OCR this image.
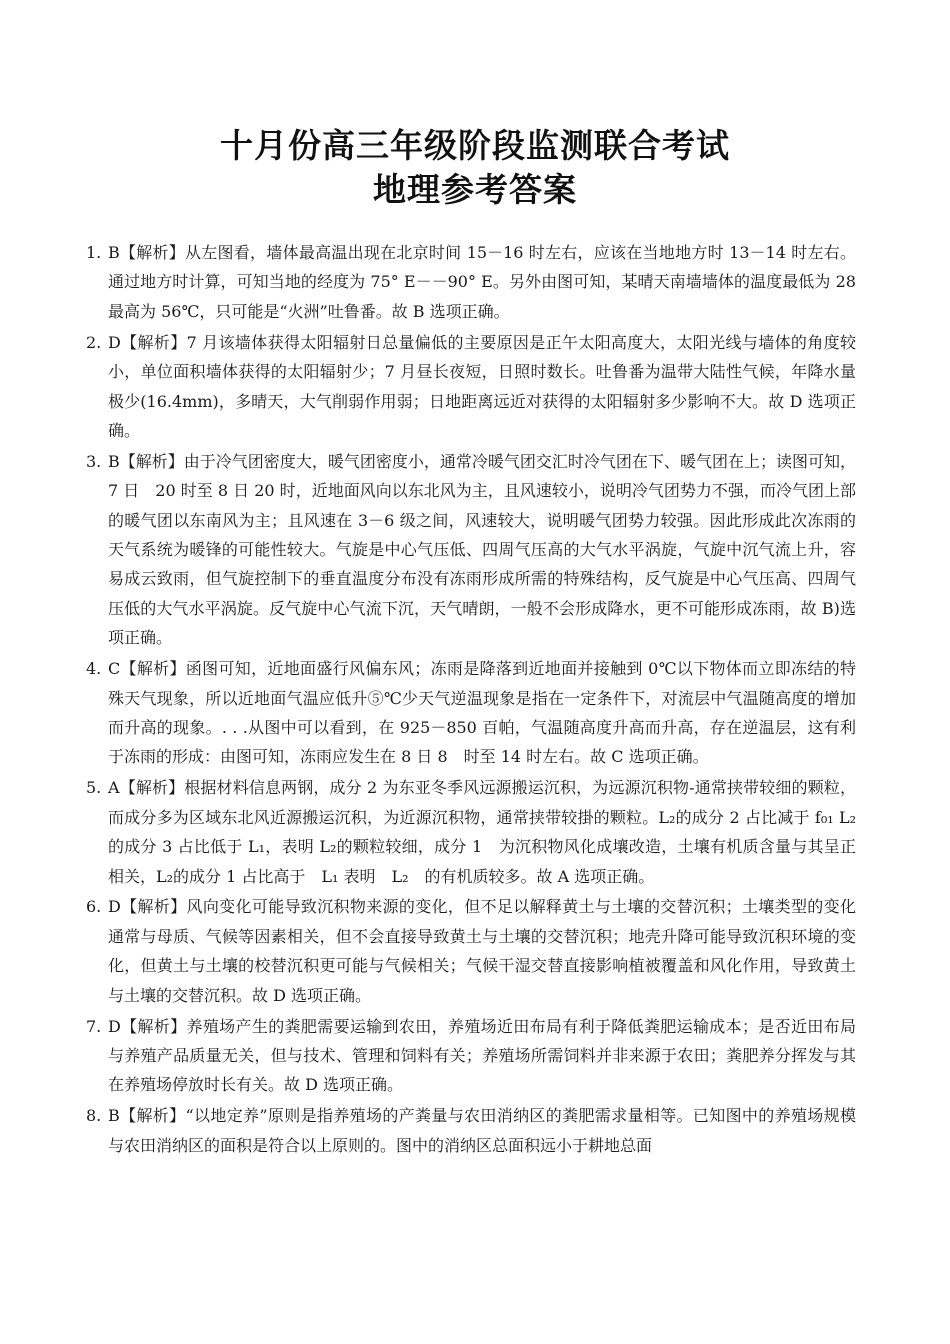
十月份高三年级阶段监测联合考试
地理参考答案
1. B【解析】从左图看，墙体最高温出现在北京时间 15－16 时左右，应该在当地地方时 13－14 时左右。通过地方时计算，可知当地的经度为 75° E－－90° E。另外由图可知，某晴天南墙墙体的温度最低为 28　最高为 56℃，只可能是“火洲”吐鲁番。故 B 选项正确。
2. D【解析】7 月该墙体获得太阳辐射日总量偏低的主要原因是正午太阳高度大，太阳光线与墙体的角度较小，单位面积墙体获得的太阳辐射少；7 月昼长夜短，日照时数长。吐鲁番为温带大陆性气候，年降水量极少(16.4mm)，多晴天，大气削弱作用弱；日地距离远近对获得的太阳辐射多少影响不大。故 D 选项正确。
3. B【解析】由于冷气团密度大，暖气团密度小，通常冷暖气团交汇时冷气团在下、暖气团在上；读图可知，7 日　20 时至 8 日 20 时，近地面风向以东北风为主，且风速较小，说明冷气团势力不强，而冷气团上部的暖气团以东南风为主；且风速在 3－6 级之间，风速较大，说明暖气团势力较强。因此形成此次冻雨的天气系统为暖锋的可能性较大。气旋是中心气压低、四周气压高的大气水平涡旋，气旋中沉气流上升，容易成云致雨，但气旋控制下的垂直温度分布没有冻雨形成所需的特殊结构，反气旋是中心气压高、四周气压低的大气水平涡旋。反气旋中心气流下沉，天气晴朗，一般不会形成降水，更不可能形成冻雨，故 B)选项正确。
4. C【解析】函图可知，近地面盛行风偏东风；冻雨是降落到近地面并接触到 0℃以下物体而立即冻结的特殊天气现象，所以近地面气温应低升⑤℃少天气逆温现象是指在一定条件下，对流层中气温随高度的增加而升高的现象。. . .从图中可以看到，在 925－850 百帕，气温随高度升高而升高，存在逆温层，这有利于冻雨的形成：由图可知，冻雨应发生在 8 日 8　时至 14 时左右。故 C 选项正确。
5. A【解析】根据材料信息两钢，成分 2 为东亚冬季风远源搬运沉积，为远源沉积物-通常挟带较细的颗粒，而成分多为区域东北风近源搬运沉积，为近源沉积物，通常挟带较掛的颗粒。L₂的成分 2 占比减于 f₀₁ L₂的成分 3 占比低于 L₁，表明 L₂的颗粒较细，成分 1　为沉积物风化成壤改造，土壤有机质含量与其呈正相关，L₂的成分 1 占比高于　L₁ 表明　L₂　的有机质较多。故 A 选项正确。
6. D【解析】风向变化可能导致沉积物来源的变化，但不足以解释黄土与土壤的交替沉积；土壤类型的变化通常与母质、气候等因素相关，但不会直接导致黄土与土壤的交替沉积；地壳升降可能导致沉积环境的变化，但黄土与土壤的校替沉积更可能与气候相关；气候干湿交替直接影响植被覆盖和风化作用，导致黄土与土壤的交替沉积。故 D 选项正确。
7. D【解析】养殖场产生的粪肥需要运输到农田，养殖场近田布局有利于降低粪肥运输成本；是否近田布局与养殖产品质量无关，但与技术、管理和饲料有关；养殖场所需饲料并非来源于农田；粪肥养分挥发与其在养殖场停放时长有关。故 D 选项正确。
8. B【解析】“以地定养”原则是指养殖场的产粪量与农田消纳区的粪肥需求量相等。已知图中的养殖场规模与农田消纳区的面积是符合以上原则的。图中的消纳区总面积远小于耕地总面
